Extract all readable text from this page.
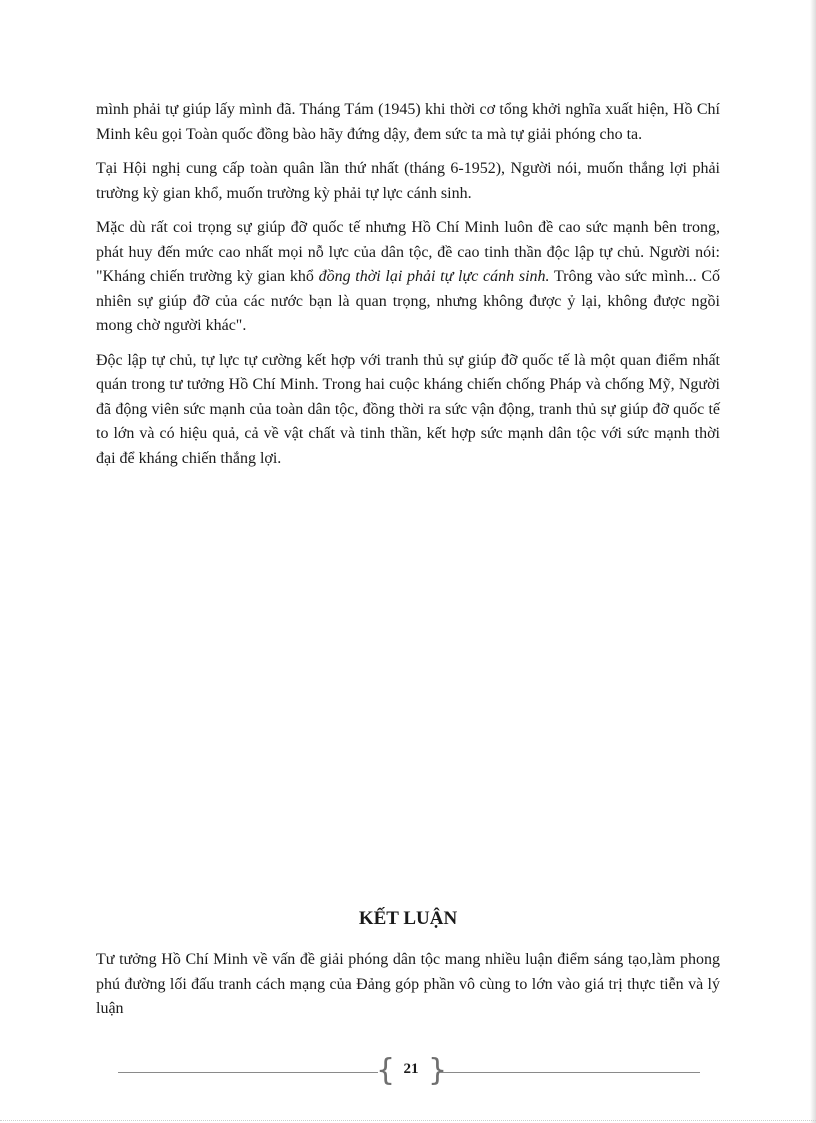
mình phải tự giúp lấy mình đã. Tháng Tám (1945) khi thời cơ tổng khởi nghĩa xuất hiện, Hồ Chí Minh kêu gọi Toàn quốc đồng bào hãy đứng dậy, đem sức ta mà tự giải phóng cho ta.

Tại Hội nghị cung cấp toàn quân lần thứ nhất (tháng 6-1952), Người nói, muốn thắng lợi phải trường kỳ gian khổ, muốn trường kỳ phải tự lực cánh sinh.

Mặc dù rất coi trọng sự giúp đỡ quốc tế nhưng Hồ Chí Minh luôn đề cao sức mạnh bên trong, phát huy đến mức cao nhất mọi nỗ lực của dân tộc, đề cao tinh thần độc lập tự chủ. Người nói: "Kháng chiến trường kỳ gian khổ đồng thời lại phải tự lực cánh sinh. Trông vào sức mình... Cố nhiên sự giúp đỡ của các nước bạn là quan trọng, nhưng không được ỷ lại, không được ngồi mong chờ người khác".

Độc lập tự chủ, tự lực tự cường kết hợp với tranh thủ sự giúp đỡ quốc tế là một quan điểm nhất quán trong tư tưởng Hồ Chí Minh. Trong hai cuộc kháng chiến chống Pháp và chống Mỹ, Người đã động viên sức mạnh của toàn dân tộc, đồng thời ra sức vận động, tranh thủ sự giúp đỡ quốc tế to lớn và có hiệu quả, cả về vật chất và tinh thần, kết hợp sức mạnh dân tộc với sức mạnh thời đại để kháng chiến thắng lợi.

KẾT LUẬN

Tư tưởng Hồ Chí Minh về vấn đề giải phóng dân tộc mang nhiều luận điểm sáng tạo,làm phong phú đường lối đấu tranh cách mạng của Đảng góp phần vô cùng to lớn vào giá trị thực tiễn và lý luận

{ 21 }
